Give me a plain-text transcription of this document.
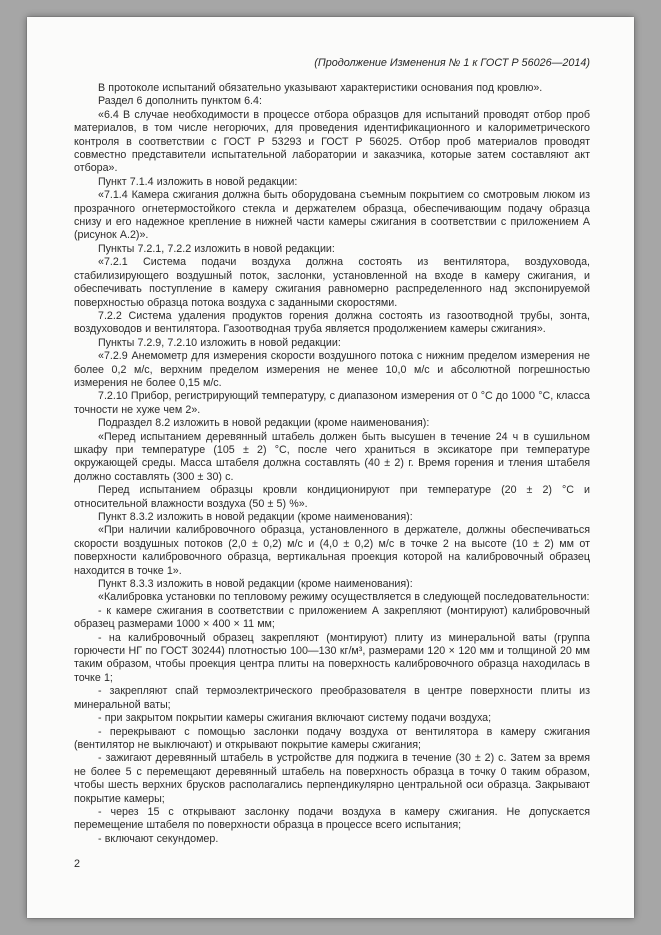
(Продолжение Изменения № 1 к ГОСТ Р 56026—2014)

В протоколе испытаний обязательно указывают характеристики основания под кровлю».

Раздел 6 дополнить пунктом 6.4:

«6.4 В случае необходимости в процессе отбора образцов для испытаний проводят отбор проб материалов, в том числе негорючих, для проведения идентификационного и калориметрического контроля в соответствии с ГОСТ Р 53293 и ГОСТ Р 56025. Отбор проб материалов проводят совместно представители испытательной лаборатории и заказчика, которые затем составляют акт отбора».

Пункт 7.1.4 изложить в новой редакции:

«7.1.4 Камера сжигания должна быть оборудована съемным покрытием со смотровым люком из прозрачного огнетермостойкого стекла и держателем образца, обеспечивающим подачу образца снизу и его надежное крепление в нижней части камеры сжигания в соответствии с приложением А (рисунок А.2)».

Пункты 7.2.1, 7.2.2 изложить в новой редакции:

«7.2.1 Система подачи воздуха должна состоять из вентилятора, воздуховода, стабилизирующего воздушный поток, заслонки, установленной на входе в камеру сжигания, и обеспечивать поступление в камеру сжигания равномерно распределенного над экспонируемой поверхностью образца потока воздуха с заданными скоростями.

7.2.2 Система удаления продуктов горения должна состоять из газоотводной трубы, зонта, воздуховодов и вентилятора. Газоотводная труба является продолжением камеры сжигания».

Пункты 7.2.9, 7.2.10 изложить в новой редакции:

«7.2.9 Анемометр для измерения скорости воздушного потока с нижним пределом измерения не более 0,2 м/с, верхним пределом измерения не менее 10,0 м/с и абсолютной погрешностью измерения не более 0,15 м/с.

7.2.10 Прибор, регистрирующий температуру, с диапазоном измерения от 0 °С до 1000 °С, класса точности не хуже чем 2».

Подраздел 8.2 изложить в новой редакции (кроме наименования):

«Перед испытанием деревянный штабель должен быть высушен в течение 24 ч в сушильном шкафу при температуре (105 ± 2) °С, после чего храниться в эксикаторе при температуре окружающей среды. Масса штабеля должна составлять (40 ± 2) г. Время горения и тления штабеля должно составлять (300 ± 30) с.

Перед испытанием образцы кровли кондиционируют при температуре (20 ± 2) °С и относительной влажности воздуха (50 ± 5) %».

Пункт 8.3.2 изложить в новой редакции (кроме наименования):

«При наличии калибровочного образца, установленного в держателе, должны обеспечиваться скорости воздушных потоков (2,0 ± 0,2) м/с и (4,0 ± 0,2) м/с в точке 2 на высоте (10 ± 2) мм от поверхности калибровочного образца, вертикальная проекция которой на калибровочный образец находится в точке 1».

Пункт 8.3.3 изложить в новой редакции (кроме наименования):

«Калибровка установки по тепловому режиму осуществляется в следующей последовательности:

- к камере сжигания в соответствии с приложением А закрепляют (монтируют) калибровочный образец размерами 1000 × 400 × 11 мм;

- на калибровочный образец закрепляют (монтируют) плиту из минеральной ваты (группа горючести НГ по ГОСТ 30244) плотностью 100—130 кг/м³, размерами 120 × 120 мм и толщиной 20 мм таким образом, чтобы проекция центра плиты на поверхность калибровочного образца находилась в точке 1;

- закрепляют спай термоэлектрического преобразователя в центре поверхности плиты из минеральной ваты;

- при закрытом покрытии камеры сжигания включают систему подачи воздуха;

- перекрывают с помощью заслонки подачу воздуха от вентилятора в камеру сжигания (вентилятор не выключают) и открывают покрытие камеры сжигания;

- зажигают деревянный штабель в устройстве для поджига в течение (30 ± 2) с. Затем за время не более 5 с перемещают деревянный штабель на поверхность образца в точку 0 таким образом, чтобы шесть верхних брусков располагались перпендикулярно центральной оси образца. Закрывают покрытие камеры;

- через 15 с открывают заслонку подачи воздуха в камеру сжигания. Не допускается перемещение штабеля по поверхности образца в процессе всего испытания;

- включают секундомер.

2
